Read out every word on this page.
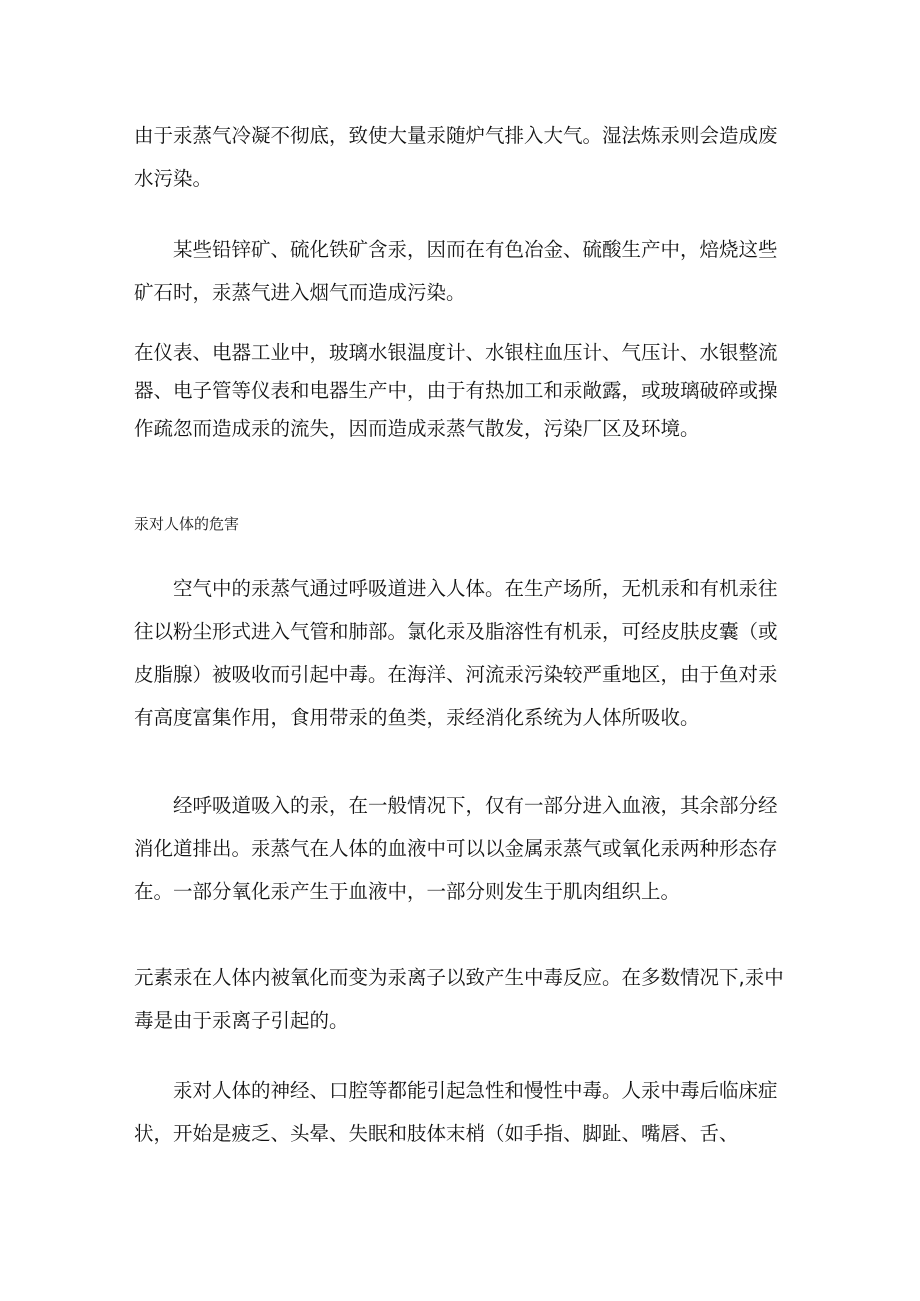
由于汞蒸气冷凝不彻底，致使大量汞随炉气排入大气。湿法炼汞则会造成废水污染。

某些铅锌矿、硫化铁矿含汞，因而在有色冶金、硫酸生产中，焙烧这些矿石时，汞蒸气进入烟气而造成污染。

在仪表、电器工业中，玻璃水银温度计、水银柱血压计、气压计、水银整流器、电子管等仪表和电器生产中，由于有热加工和汞敞露，或玻璃破碎或操作疏忽而造成汞的流失，因而造成汞蒸气散发，污染厂区及环境。

汞对人体的危害

空气中的汞蒸气通过呼吸道进入人体。在生产场所，无机汞和有机汞往往以粉尘形式进入气管和肺部。氯化汞及脂溶性有机汞，可经皮肤皮囊（或皮脂腺）被吸收而引起中毒。在海洋、河流汞污染较严重地区，由于鱼对汞有高度富集作用，食用带汞的鱼类，汞经消化系统为人体所吸收。

经呼吸道吸入的汞，在一般情况下，仅有一部分进入血液，其余部分经消化道排出。汞蒸气在人体的血液中可以以金属汞蒸气或氧化汞两种形态存在。一部分氧化汞产生于血液中，一部分则发生于肌肉组织上。

元素汞在人体内被氧化而变为汞离子以致产生中毒反应。在多数情况下,汞中毒是由于汞离子引起的。

汞对人体的神经、口腔等都能引起急性和慢性中毒。人汞中毒后临床症状，开始是疲乏、头晕、失眠和肢体末梢（如手指、脚趾、嘴唇、舌、
